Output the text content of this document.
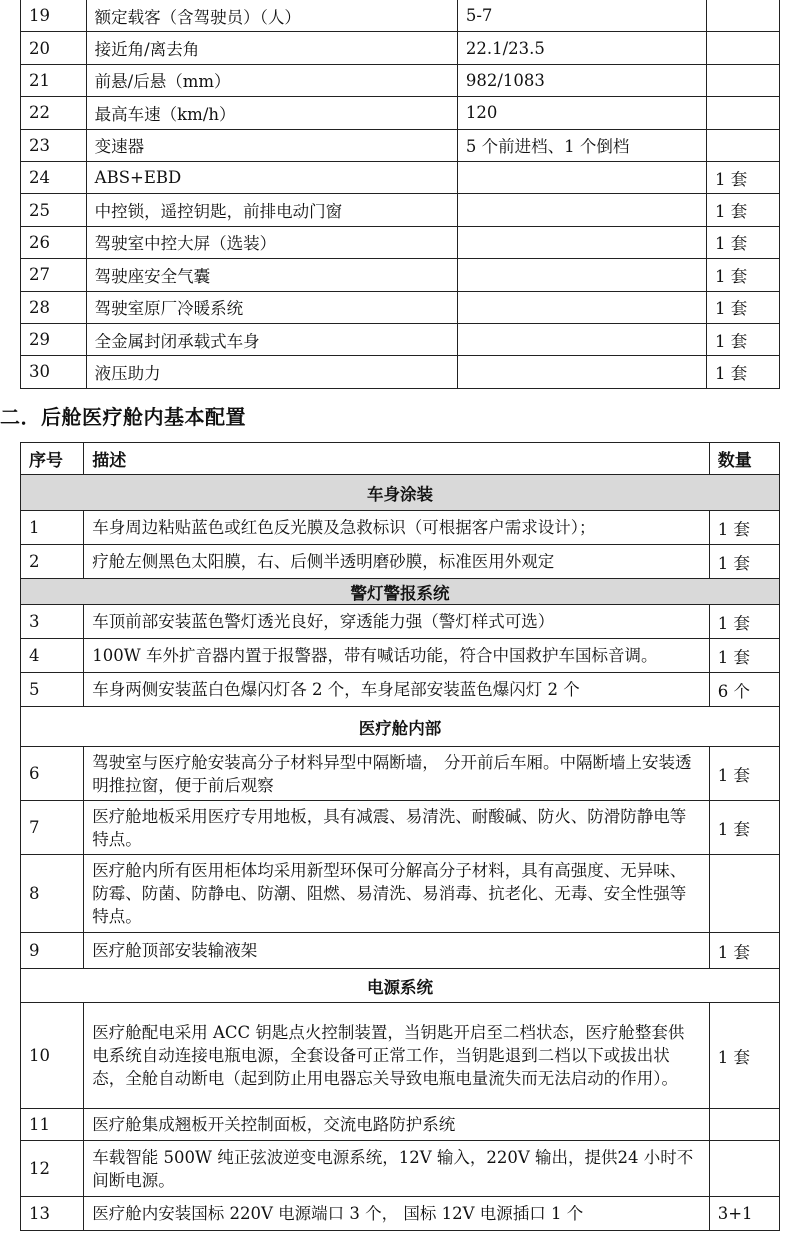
19	额定载客（含驾驶员）（人）	5-7	
20	接近角/离去角	22.1/23.5	
21	前悬/后悬（mm）	982/1083	
22	最高车速（km/h）	120	
23	变速器	5 个前进档、1 个倒档	
24	ABS+EBD		1 套
25	中控锁，遥控钥匙，前排电动门窗		1 套
26	驾驶室中控大屏（选装）		1 套
27	驾驶座安全气囊		1 套
28	驾驶室原厂冷暖系统		1 套
29	全金属封闭承载式车身		1 套
30	液压助力		1 套
二．后舱医疗舱内基本配置
序号	描述	数量
车身涂装		
1	车身周边粘贴蓝色或红色反光膜及急救标识（可根据客户需求设计）；	1 套
2	疗舱左侧黑色太阳膜，右、后侧半透明磨砂膜，标准医用外观定	1 套
警灯警报系统		
3	车顶前部安装蓝色警灯透光良好，穿透能力强（警灯样式可选）	1 套
4	100W 车外扩音器内置于报警器，带有喊话功能，符合中国救护车国标音调。	1 套
5	车身两侧安装蓝白色爆闪灯各 2 个，车身尾部安装蓝色爆闪灯 2 个	6 个
医疗舱内部		
6	驾驶室与医疗舱安装高分子材料异型中隔断墙， 分开前后车厢。中隔断墙上安装透明推拉窗，便于前后观察	1 套
7	医疗舱地板采用医疗专用地板，具有减震、易清洗、耐酸碱、防火、防滑防静电等特点。	1 套
8	医疗舱内所有医用柜体均采用新型环保可分解高分子材料，具有高强度、无异味、防霉、防菌、防静电、防潮、阻燃、易清洗、易消毒、抗老化、无毒、安全性强等特点。	
9	医疗舱顶部安装输液架	1 套
电源系统		
10	医疗舱配电采用 ACC 钥匙点火控制装置，当钥匙开启至二档状态，医疗舱整套供电系统自动连接电瓶电源，全套设备可正常工作，当钥匙退到二档以下或拔出状态，全舱自动断电（起到防止用电器忘关导致电瓶电量流失而无法启动的作用）。	1 套
11	医疗舱集成翘板开关控制面板，交流电路防护系统	
12	车载智能 500W 纯正弦波逆变电源系统，12V 输入，220V 输出，提供24 小时不间断电源。	
13	医疗舱内安装国标 220V 电源端口 3 个， 国标 12V 电源插口 1 个	3+1
